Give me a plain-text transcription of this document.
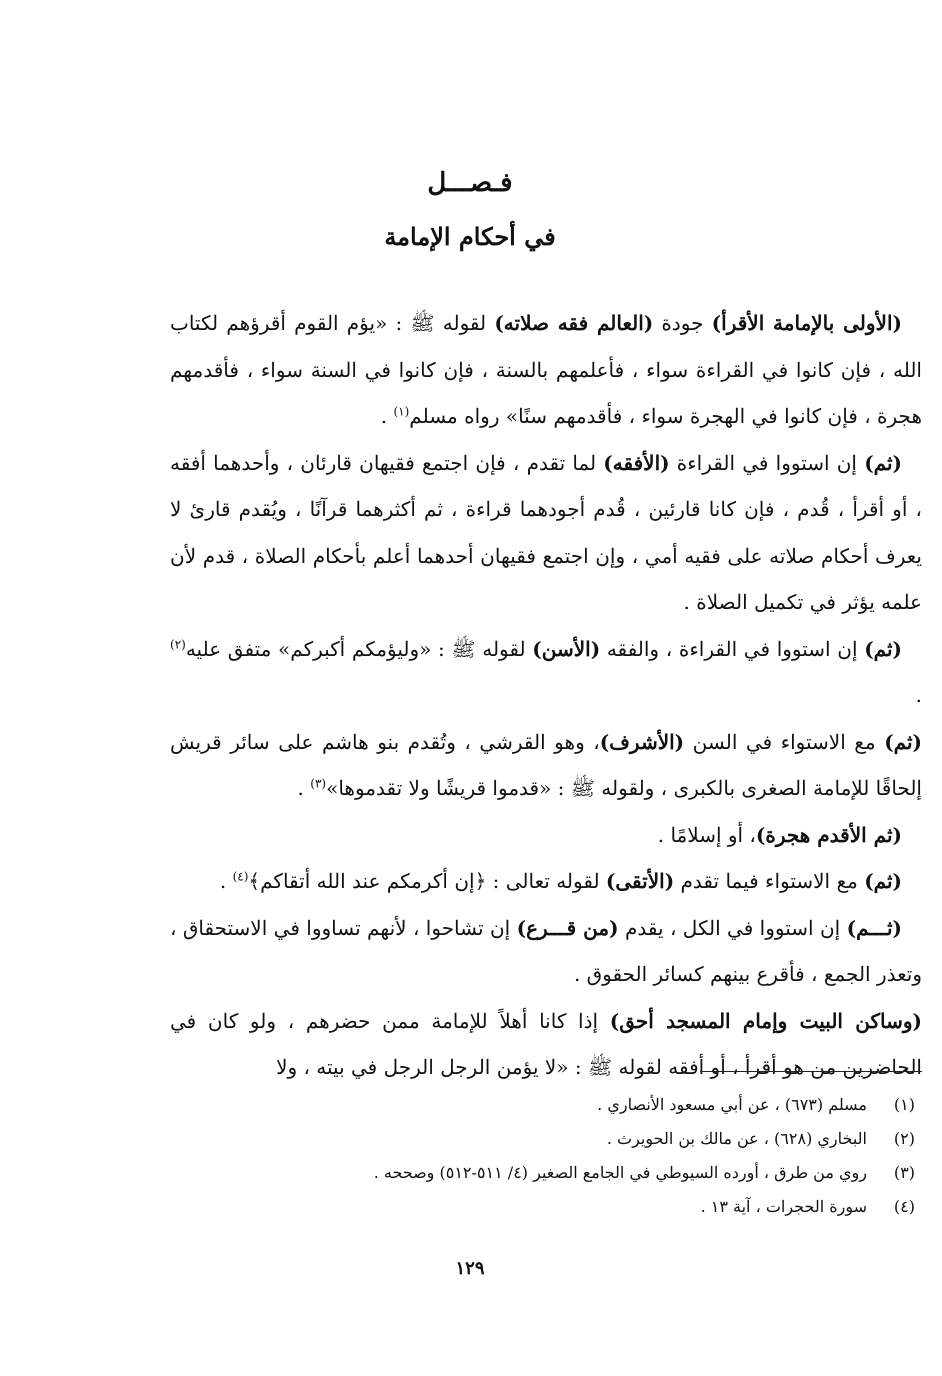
فـصـــل
في أحكام الإمامة

(الأولى بالإمامة الأقرأ) جودة (العالم فقه صلاته) لقوله ﷺ : «يؤم القوم أقرؤهم لكتاب الله ، فإن كانوا في القراءة سواء ، فأعلمهم بالسنة ، فإن كانوا في السنة سواء ، فأقدمهم هجرة ، فإن كانوا في الهجرة سواء ، فأقدمهم سنًا» رواه مسلم$^{(١)}$ .

(ثم) إن استووا في القراءة (الأفقه) لما تقدم ، فإن اجتمع فقيهان قارئان ، وأحدهما أفقه ، أو أقرأ ، قُدم ، فإن كانا قارئين ، قُدم أجودهما قراءة ، ثم أكثرهما قرآنًا ، ويُقدم قارئ لا يعرف أحكام صلاته على فقيه أمي ، وإن اجتمع فقيهان أحدهما أعلم بأحكام الصلاة ، قدم لأن علمه يؤثر في تكميل الصلاة .

(ثم) إن استووا في القراءة ، والفقه (الأسن) لقوله ﷺ : «وليؤمكم أكبركم» متفق عليه$^{(٢)}$ .

(ثم) مع الاستواء في السن (الأشرف)، وهو القرشي ، وتُقدم بنو هاشم على سائر قريش إلحاقًا للإمامة الصغرى بالكبرى ، ولقوله ﷺ : «قدموا قريشًا ولا تقدموها»$^{(٣)}$ .

(ثم الأقدم هجرة)، أو إسلامًا .

(ثم) مع الاستواء فيما تقدم (الأتقى) لقوله تعالى : ﴿إن أكرمكم عند الله أتقاكم﴾$^{(٤)}$ .

(ثـــم) إن استووا في الكل ، يقدم (من قـــرع) إن تشاحوا ، لأنهم تساووا في الاستحقاق ، وتعذر الجمع ، فأقرع بينهم كسائر الحقوق .

(وساكن البيت وإمام المسجد أحق) إذا كانا أهلاً للإمامة ممن حضرهم ، ولو كان في الحاضرين من هو أقرأ ، أو أفقه لقوله ﷺ : «لا يؤمن الرجل الرجل في بيته ، ولا

(١)
مسلم (٦٧٣) ، عن أبي مسعود الأنصاري .
(٢)
البخاري (٦٢٨) ، عن مالك بن الحويرث .
(٣)
روي من طرق ، أورده السيوطي في الجامع الصغير (٤/ ٥١١-٥١٢) وصححه .
(٤)
سورة الحجرات ، آية ١٣ .
١٢٩
